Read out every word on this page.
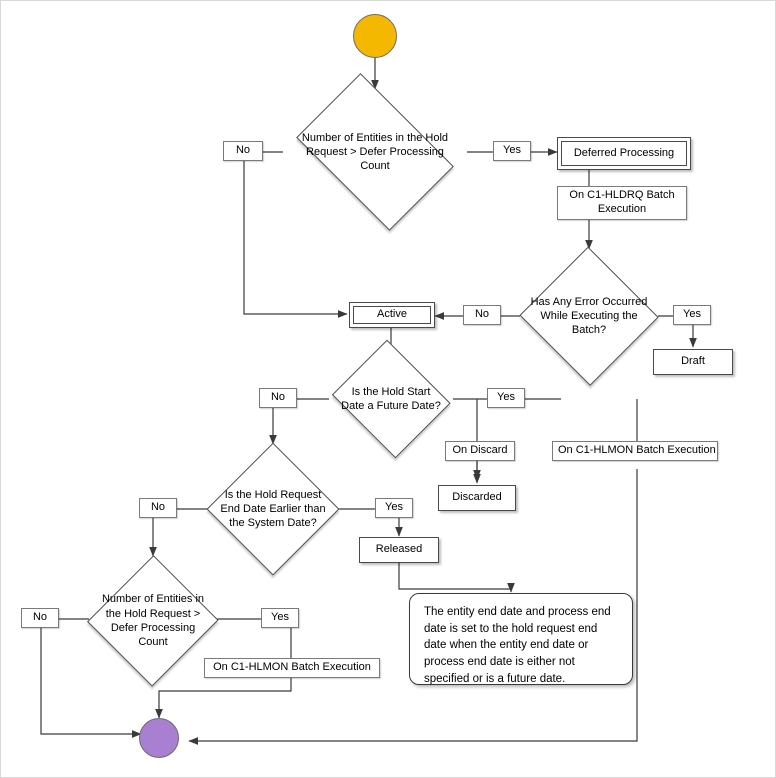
Number of Entities in the Hold Request > Defer Processing Count
Deferred Processing
Has Any Error Occurred While Executing the Batch?
Draft
Active
Is the Hold Start Date a Future Date?
Is the Hold Request End Date Earlier than the System Date?
Number of Entities in the Hold Request > Defer Processing Count
Discarded
Released
The entity end date and process end date is set to the hold request end date when the entity end date or process end date is either not specified or is a future date.
No	Yes
On C1-HLDRQ Batch Execution
No	Yes
No	Yes
On Discard	On C1-HLMON Batch Execution
No	Yes
No	Yes
On C1-HLMON Batch Execution
